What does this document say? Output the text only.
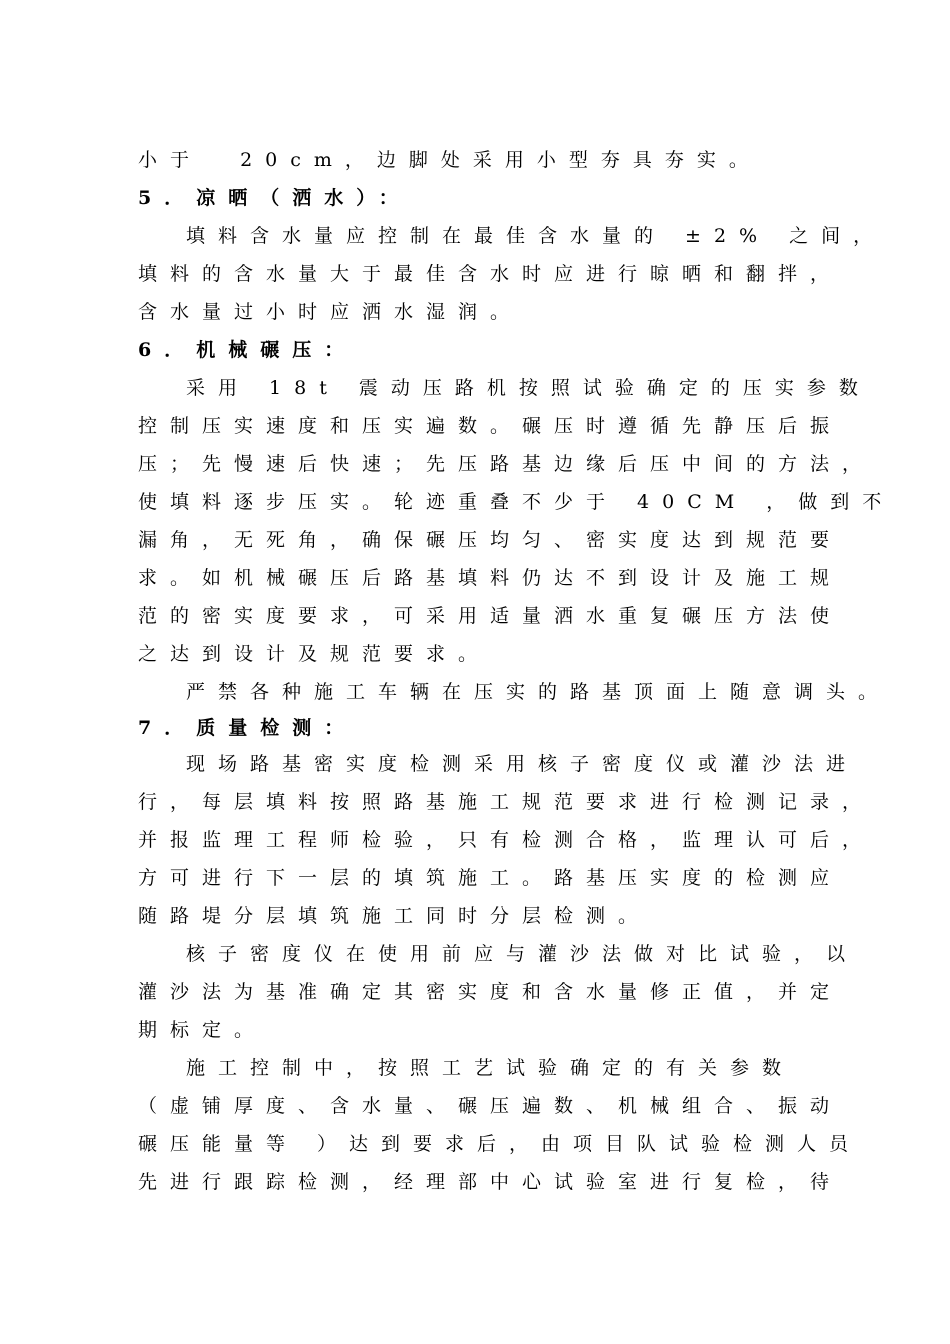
小于  20cm，边脚处采用小型夯具夯实。
5．凉晒（洒水）：
填料含水量应控制在最佳含水量的 ±2% 之间，
填料的含水量大于最佳含水时应进行晾晒和翻拌，
含水量过小时应洒水湿润。
6．机械碾压：
采用 18t 震动压路机按照试验确定的压实参数
控制压实速度和压实遍数。碾压时遵循先静压后振
压；先慢速后快速；先压路基边缘后压中间的方法，
使填料逐步压实。轮迹重叠不少于 40CM ，做到不
漏角，无死角，确保碾压均匀、密实度达到规范要
求。如机械碾压后路基填料仍达不到设计及施工规
范的密实度要求，可采用适量洒水重复碾压方法使
之达到设计及规范要求。
严禁各种施工车辆在压实的路基顶面上随意调头。
7．质量检测：
现场路基密实度检测采用核子密度仪或灌沙法进
行，每层填料按照路基施工规范要求进行检测记录，
并报监理工程师检验，只有检测合格，监理认可后，
方可进行下一层的填筑施工。路基压实度的检测应
随路堤分层填筑施工同时分层检测。
核子密度仪在使用前应与灌沙法做对比试验，以
灌沙法为基准确定其密实度和含水量修正值，并定
期标定。
施工控制中，按照工艺试验确定的有关参数
（虚铺厚度、含水量、碾压遍数、机械组合、振动
碾压能量等 ）达到要求后，由项目队试验检测人员
先进行跟踪检测，经理部中心试验室进行复检，待
